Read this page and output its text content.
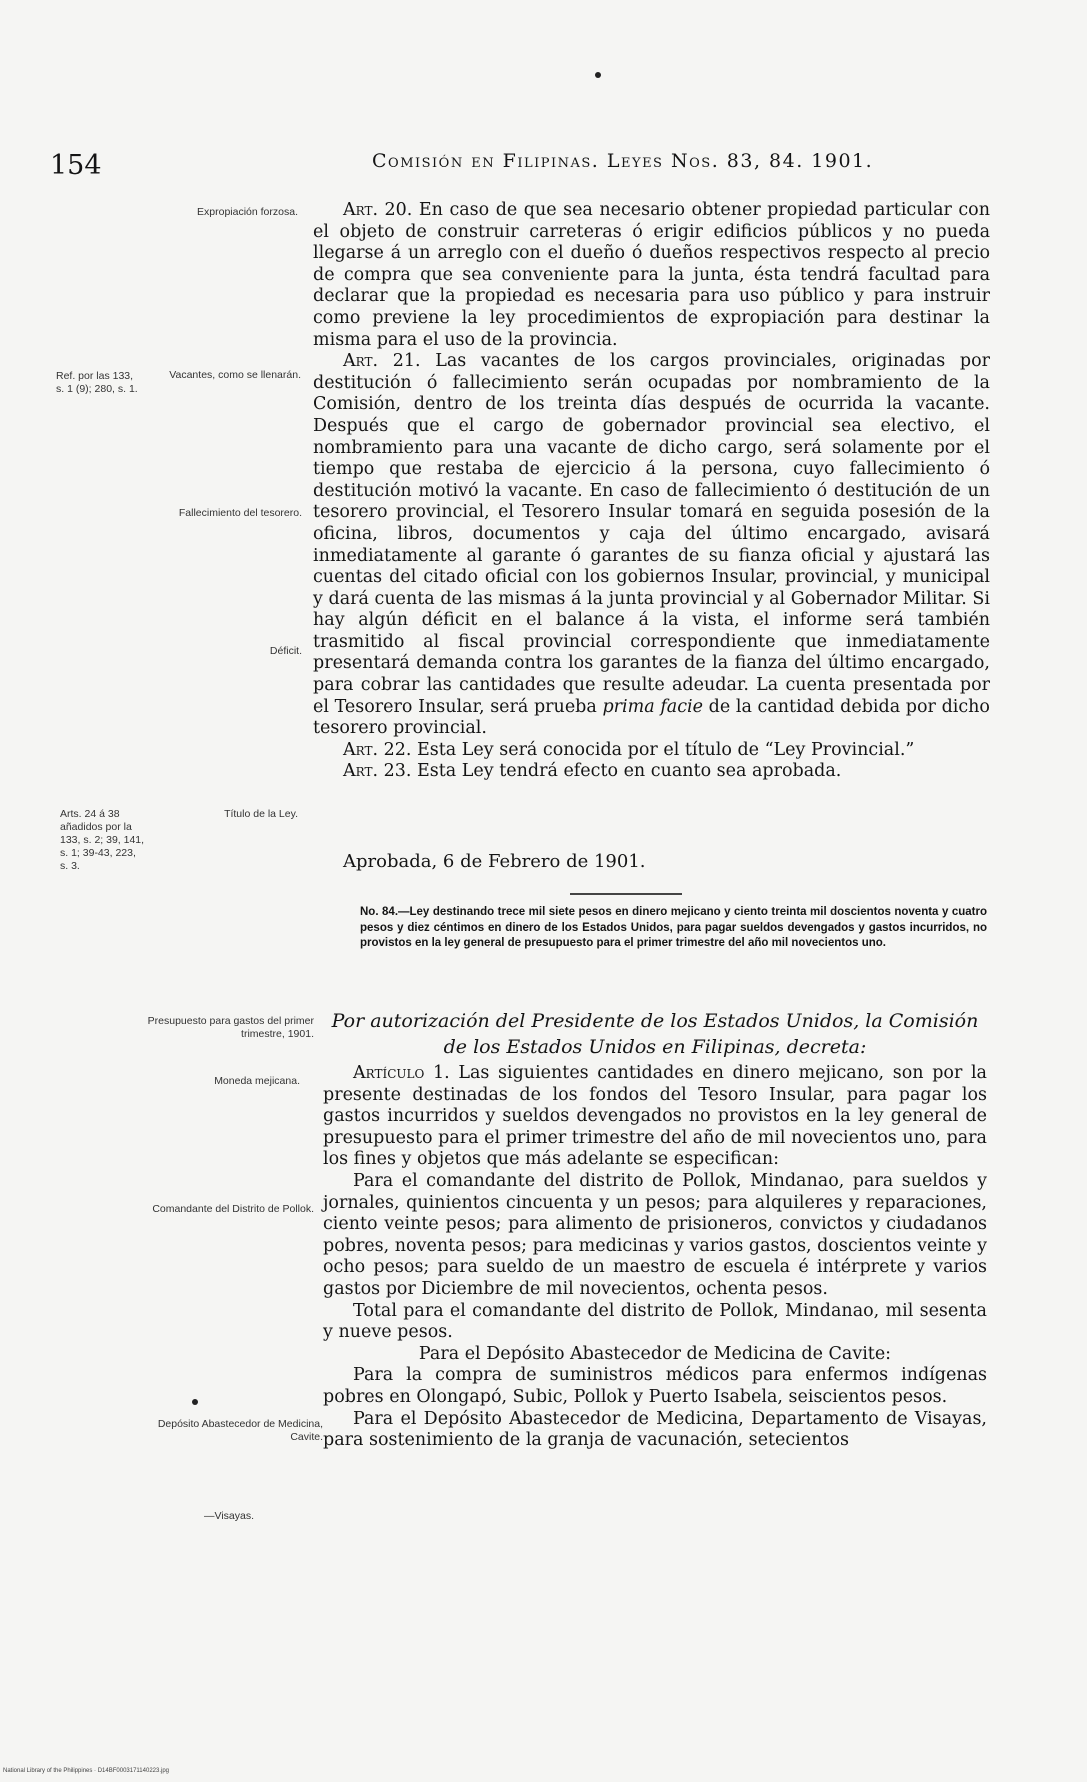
154	Comisión en Filipinas. Leyes Nos. 83, 84. 1901.
Expropiación forzosa.
Ref. por las 133, s. 1 (9); 280, s. 1.
Vacantes, como se llenarán.
Fallecimiento del tesorero.
Déficit.
Arts. 24 á 38 añadidos por la 133, s. 2; 39, 141, s. 1; 39-43, 223, s. 3.
Título de la Ley.
Presupuesto para gastos del primer trimestre, 1901.
Moneda mejicana.
Comandante del Distrito de Pollok.
Depósito Abastecedor de Medicina, Cavite.
—Visayas.

Art. 20. En caso de que sea necesario obtener propiedad particular con el objeto de construir carreteras ó erigir edificios públicos y no pueda llegarse á un arreglo con el dueño ó dueños respectivos respecto al precio de compra que sea conveniente para la junta, ésta tendrá facultad para declarar que la propiedad es necesaria para uso público y para instruir como previene la ley procedimientos de expropiación para destinar la misma para el uso de la provincia.

Art. 21. Las vacantes de los cargos provinciales, originadas por destitución ó fallecimiento serán ocupadas por nombramiento de la Comisión, dentro de los treinta días después de ocurrida la vacante. Después que el cargo de gobernador provincial sea electivo, el nombramiento para una vacante de dicho cargo, será solamente por el tiempo que restaba de ejercicio á la persona, cuyo fallecimiento ó destitución motivó la vacante. En caso de fallecimiento ó destitución de un tesorero provincial, el Tesorero Insular tomará en seguida posesión de la oficina, libros, documentos y caja del último encargado, avisará inmediatamente al garante ó garantes de su fianza oficial y ajustará las cuentas del citado oficial con los gobiernos Insular, provincial, y municipal y dará cuenta de las mismas á la junta provincial y al Gobernador Militar. Si hay algún déficit en el balance á la vista, el informe será también trasmitido al fiscal provincial correspondiente que inmediatamente presentará demanda contra los garantes de la fianza del último encargado, para cobrar las cantidades que resulte adeudar. La cuenta presentada por el Tesorero Insular, será prueba prima facie de la cantidad debida por dicho tesorero provincial.

Art. 22. Esta Ley será conocida por el título de “Ley Provincial.”

Art. 23. Esta Ley tendrá efecto en cuanto sea aprobada.

Aprobada, 6 de Febrero de 1901.
No. 84.—Ley destinando trece mil siete pesos en dinero mejicano y ciento treinta mil doscientos noventa y cuatro pesos y diez céntimos en dinero de los Estados Unidos, para pagar sueldos devengados y gastos incurridos, no provistos en la ley general de presupuesto para el primer trimestre del año mil novecientos uno.
Por autorización del Presidente de los Estados Unidos, la Comisión
de los Estados Unidos en Filipinas, decreta:

Artículo 1. Las siguientes cantidades en dinero mejicano, son por la presente destinadas de los fondos del Tesoro Insular, para pagar los gastos incurridos y sueldos devengados no provistos en la ley general de presupuesto para el primer trimestre del año de mil novecientos uno, para los fines y objetos que más adelante se especifican:

Para el comandante del distrito de Pollok, Mindanao, para sueldos y jornales, quinientos cincuenta y un pesos; para alquileres y reparaciones, ciento veinte pesos; para alimento de prisioneros, convictos y ciudadanos pobres, noventa pesos; para medicinas y varios gastos, doscientos veinte y ocho pesos; para sueldo de un maestro de escuela é intérprete y varios gastos por Diciembre de mil novecientos, ochenta pesos.

Total para el comandante del distrito de Pollok, Mindanao, mil sesenta y nueve pesos.

Para el Depósito Abastecedor de Medicina de Cavite:

Para la compra de suministros médicos para enfermos indígenas pobres en Olongapó, Subic, Pollok y Puerto Isabela, seiscientos pesos.

Para el Depósito Abastecedor de Medicina, Departamento de Visayas, para sostenimiento de la granja de vacunación, setecientos

National Library of the Philippines · D14BF0003171140223.jpg
